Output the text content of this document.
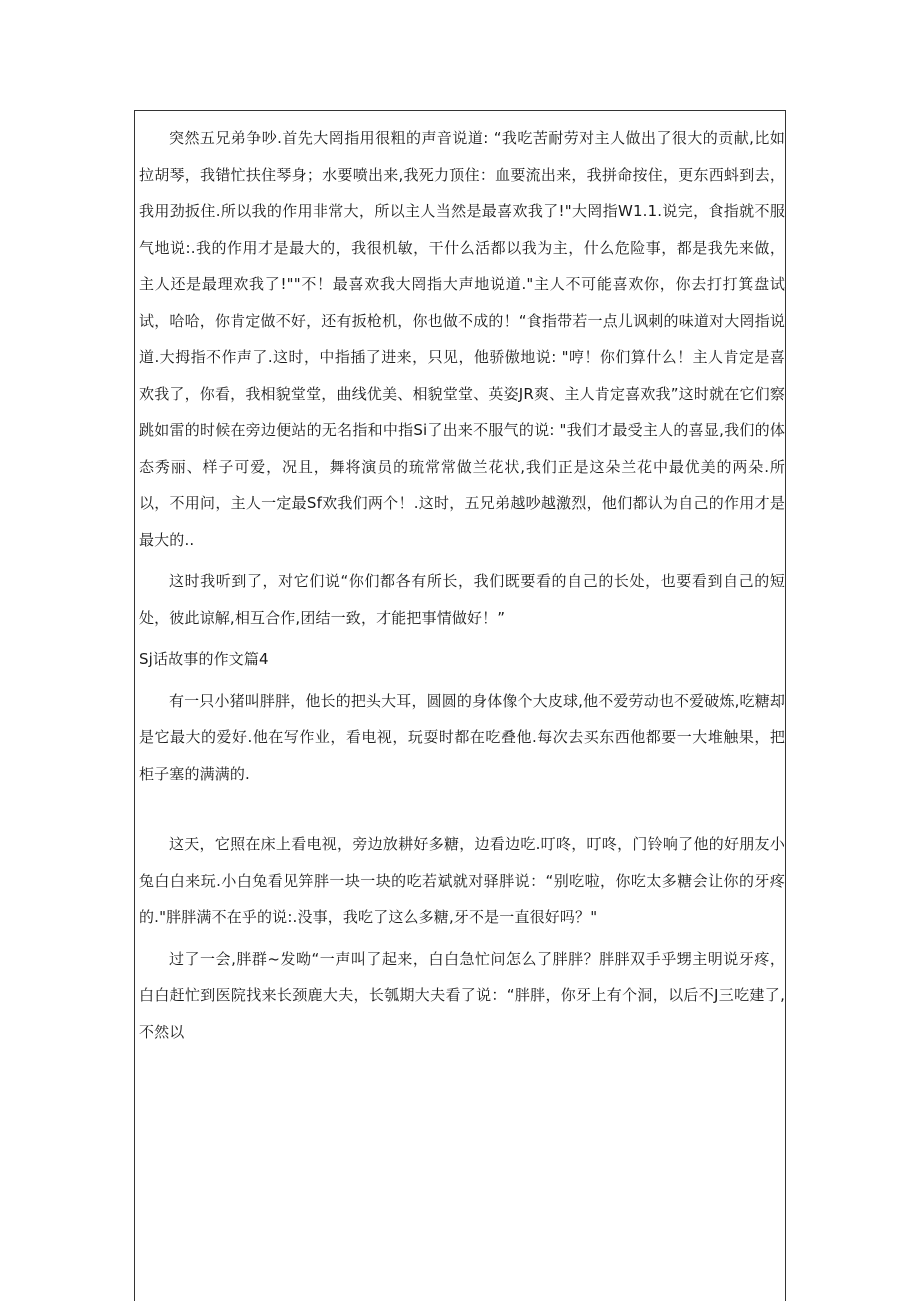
突然五兄弟争吵.首先大罔指用很粗的声音说道: “我吃苦耐劳对主人做出了很大的贡献,比如拉胡琴，我错忙扶住琴身；水要喷出来,我死力顶住：血要流出来，我拼命按住，更东西蚪到去，我用劲扳住.所以我的作用非常大，所以主人当然是最喜欢我了!"大罔指W1.1.说完，食指就不服气地说:.我的作用才是最大的，我很机敏，干什么活都以我为主，什么危险事，都是我先来做，主人还是最理欢我了!""不！最喜欢我大罔指大声地说道."主人不可能喜欢你，你去打打箕盘试试，哈哈，你肯定做不好，还有扳枪机，你也做不成的！“食指带若一点儿讽刺的味道对大罔指说道.大拇指不作声了.这时，中指插了进来，只见，他骄傲地说: "哼！你们算什么！主人肯定是喜欢我了，你看，我相貌堂堂，曲线优美、相貌堂堂、英姿JR爽、主人肯定喜欢我”这时就在它们察跳如雷的时候在旁边便站的无名指和中指Si了出来不服气的说: "我们才最受主人的喜显,我们的体态秀丽、样子可爱，况且，舞将演员的琉常常做兰花状,我们正是这朵兰花中最优美的两朵.所以，不用问，主人一定最Sf欢我们两个！.这时，五兄弟越吵越激烈，他们都认为自己的作用才是最大的..

这时我听到了，对它们说“你们都各有所长，我们既要看的自己的长处，也要看到自己的短处，彼此谅解,相互合作,团结一致，才能把事情做好！”

Sj话故事的作文篇4

有一只小猪叫胖胖，他长的把头大耳，圆圆的身体像个大皮球,他不爱劳动也不爱破炼,吃糖却是它最大的爱好.他在写作业，看电视，玩耍时都在吃叠他.每次去买东西他都要一大堆触果，把柜子塞的满满的.

这天，它照在床上看电视，旁边放耕好多糖，边看边吃.叮咚，叮咚，门铃响了他的好朋友小兔白白来玩.小白兔看见笄胖一块一块的吃若斌就对驿胖说：“别吃啦，你吃太多糖会让你的牙疼的."胖胖满不在乎的说:.没事，我吃了这么多糖,牙不是一直很好吗？"

过了一会,胖群~发呦“一声叫了起来，白白急忙问怎么了胖胖？胖胖双手乎甥主明说牙疼，白白赶忙到医院找来长颈鹿大夫，长瓠期大夫看了说：“胖胖，你牙上有个洞，以后不J三吃建了,不然以
